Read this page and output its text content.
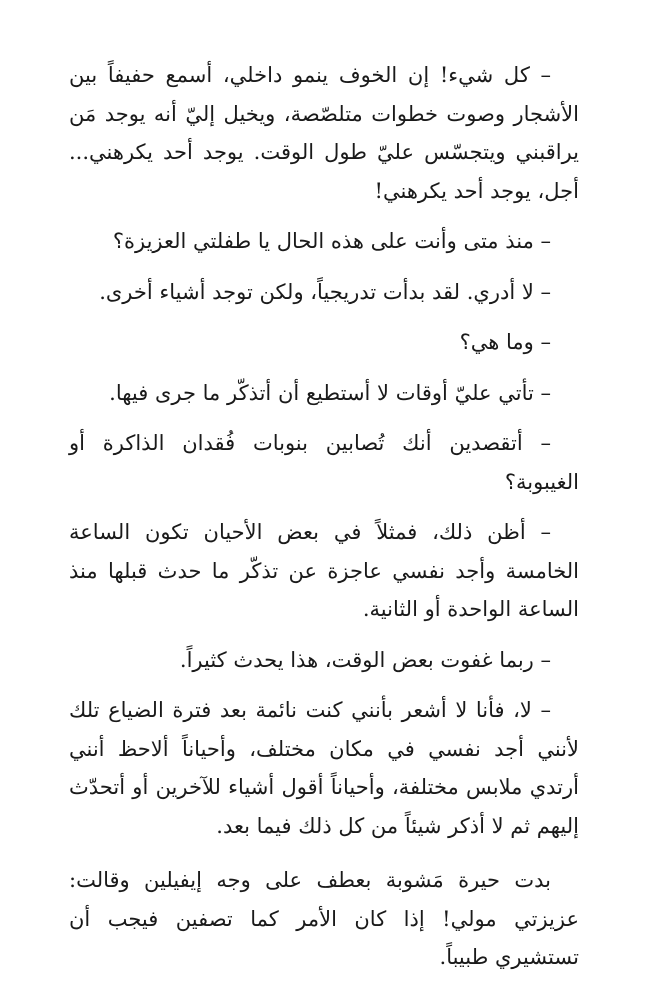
– كل شيء! إن الخوف ينمو داخلي، أسمع حفيفاً بين الأشجار وصوت خطوات متلصّصة، ويخيل إليّ أنه يوجد مَن يراقبني ويتجسّس عليّ طول الوقت. يوجد أحد يكرهني... أجل، يوجد أحد يكرهني!

– منذ متى وأنت على هذه الحال يا طفلتي العزيزة؟

– لا أدري. لقد بدأت تدريجياً، ولكن توجد أشياء أخرى.

– وما هي؟

– تأتي عليّ أوقات لا أستطيع أن أتذكّر ما جرى فيها.

– أتقصدين أنك تُصابين بنوبات فُقدان الذاكرة أو الغيبوبة؟

– أظن ذلك، فمثلاً في بعض الأحيان تكون الساعة الخامسة وأجد نفسي عاجزة عن تذكّر ما حدث قبلها منذ الساعة الواحدة أو الثانية.

– ربما غفوت بعض الوقت، هذا يحدث كثيراً.

– لا، فأنا لا أشعر بأنني كنت نائمة بعد فترة الضياع تلك لأنني أجد نفسي في مكان مختلف، وأحياناً ألاحظ أنني أرتدي ملابس مختلفة، وأحياناً أقول أشياء للآخرين أو أتحدّث إليهم ثم لا أذكر شيئاً من كل ذلك فيما بعد.

بدت حيرة مَشوبة بعطف على وجه إيفيلين وقالت: عزيزتي مولي! إذا كان الأمر كما تصفين فيجب أن تستشيري طبيباً.
